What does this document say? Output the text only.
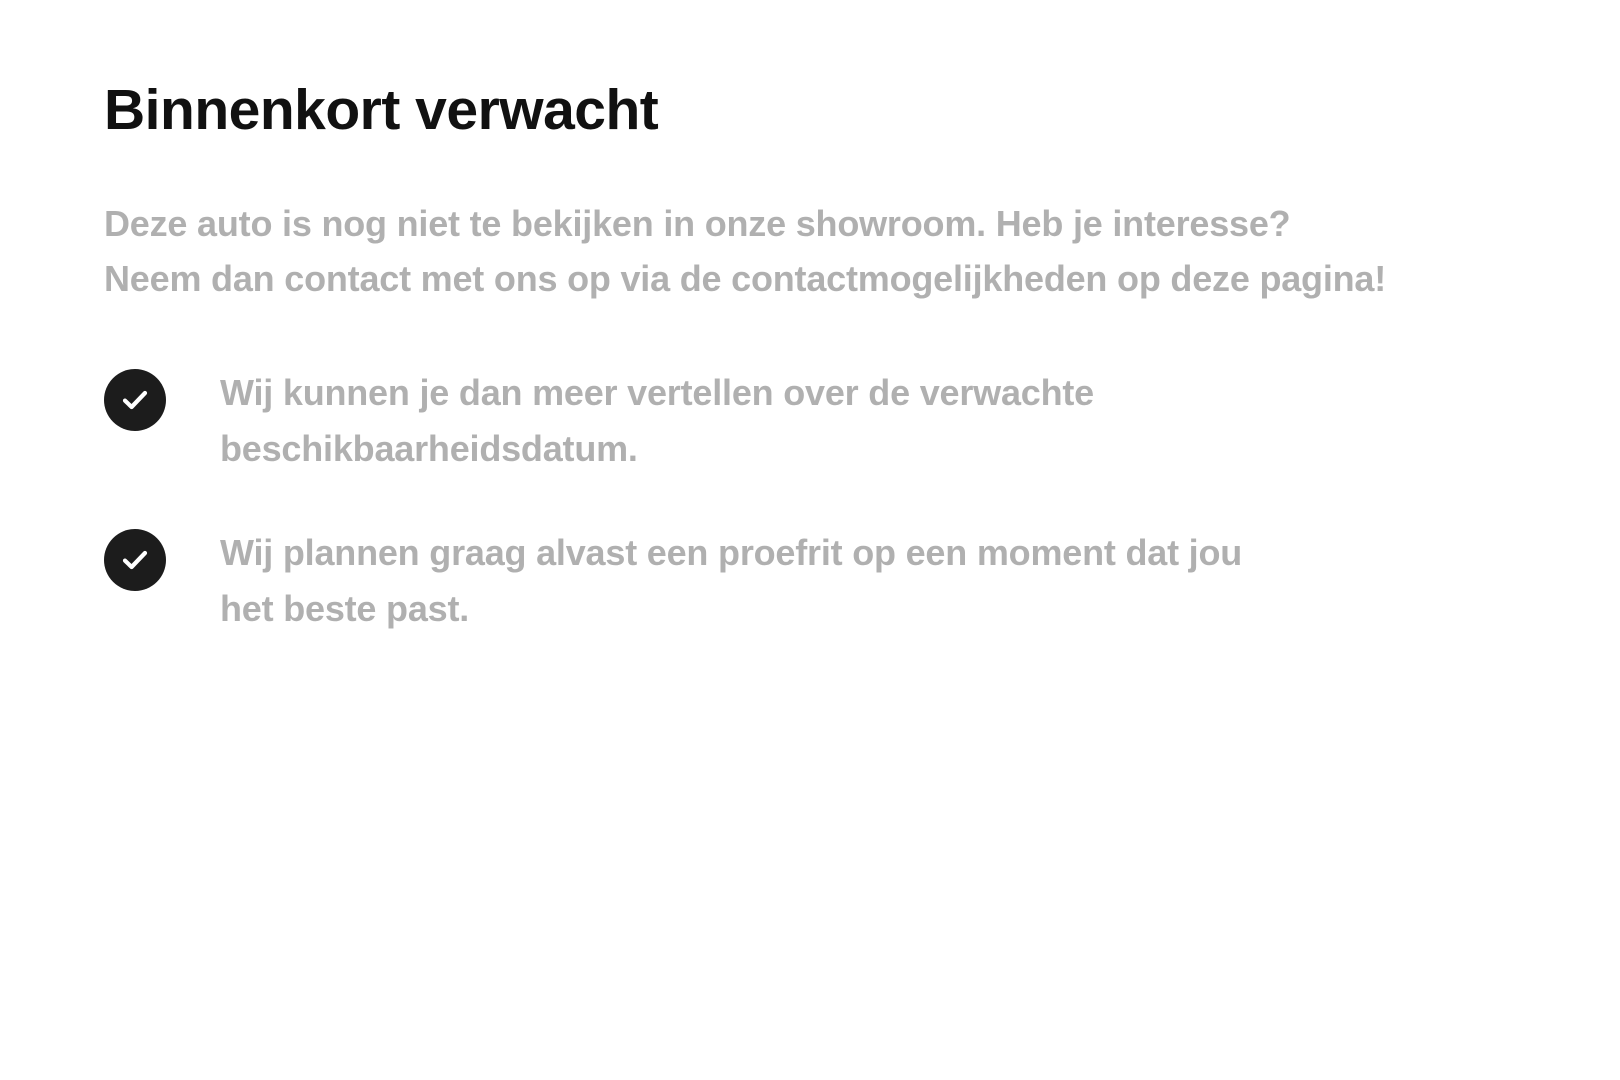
Binnenkort verwacht

Deze auto is nog niet te bekijken in onze showroom. Heb je interesse? Neem dan contact met ons op via de contactmogelijkheden op deze pagina!

Wij kunnen je dan meer vertellen over de verwachte beschikbaarheidsdatum.
Wij plannen graag alvast een proefrit op een moment dat jou het beste past.
